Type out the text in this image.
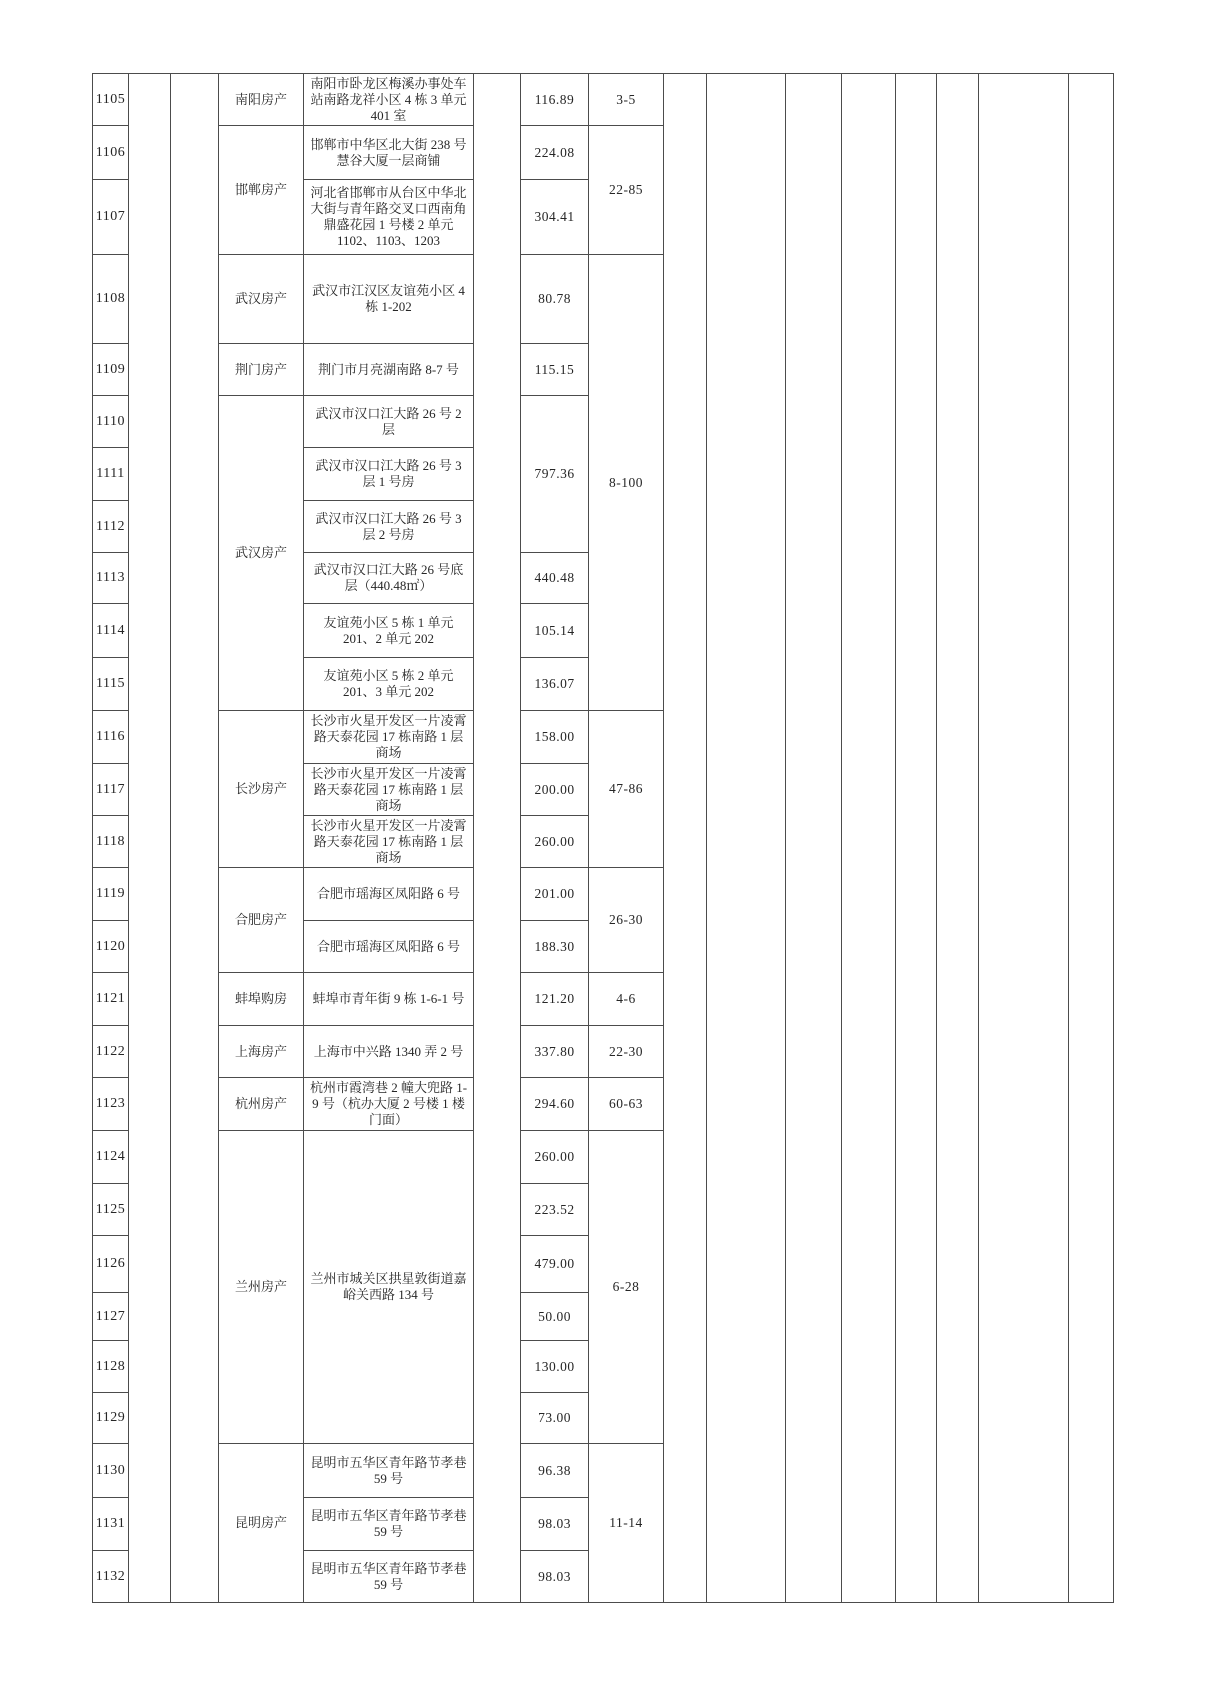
1105
1106
1107
1108
1109
1110
1111
1112
1113
1114
1115
1116
1117
1118
1119
1120
1121
1122
1123
1124
1125
1126
1127
1128
1129
1130
1131
1132
南阳房产
邯郸房产
武汉房产
荆门房产
武汉房产
长沙房产
合肥房产
蚌埠购房
上海房产
杭州房产
兰州房产
昆明房产
南阳市卧龙区梅溪办事处车站南路龙祥小区 4 栋 3 单元 401 室
邯郸市中华区北大街 238 号慧谷大厦一层商铺
河北省邯郸市从台区中华北大街与青年路交叉口西南角鼎盛花园 1 号楼 2 单元 1102、1103、1203
武汉市江汉区友谊苑小区 4 栋 1-202
荆门市月亮湖南路 8-7 号
武汉市汉口江大路 26 号 2 层
武汉市汉口江大路 26 号 3 层 1 号房
武汉市汉口江大路 26 号 3 层 2 号房
武汉市汉口江大路 26 号底层（440.48㎡）
友谊苑小区 5 栋 1 单元 201、2 单元 202
友谊苑小区 5 栋 2 单元 201、3 单元 202
长沙市火星开发区一片凌霄路天泰花园 17 栋南路 1 层商场
长沙市火星开发区一片凌霄路天泰花园 17 栋南路 1 层商场
长沙市火星开发区一片凌霄路天泰花园 17 栋南路 1 层商场
合肥市瑶海区凤阳路 6 号
合肥市瑶海区凤阳路 6 号
蚌埠市青年街 9 栋 1-6-1 号
上海市中兴路 1340 弄 2 号
杭州市霞湾巷 2 幢大兜路 1-9 号（杭办大厦 2 号楼 1 楼门面）
兰州市城关区拱星敦街道嘉峪关西路 134 号
昆明市五华区青年路节孝巷 59 号
昆明市五华区青年路节孝巷 59 号
昆明市五华区青年路节孝巷 59 号
116.89
224.08
304.41
80.78
115.15
797.36
440.48
105.14
136.07
158.00
200.00
260.00
201.00
188.30
121.20
337.80
294.60
260.00
223.52
479.00
50.00
130.00
73.00
96.38
98.03
98.03
3-5
22-85
8-100
47-86
26-30
4-6
22-30
60-63
6-28
11-14
